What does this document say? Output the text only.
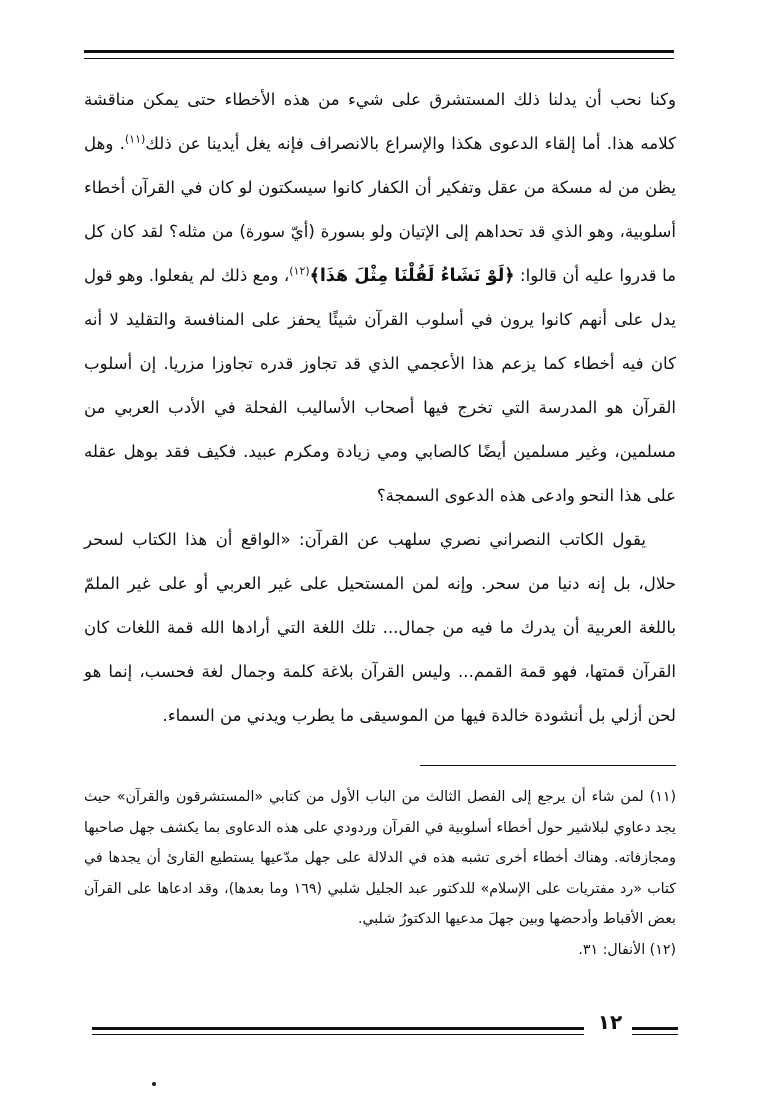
وكنا نحب أن يدلنا ذلك المستشرق على شيء من هذه الأخطاء حتى يمكن مناقشة كلامه هذا. أما إلقاء الدعوى هكذا والإسراع بالانصراف فإنه يغل أيدينا عن ذلك$^{(١١)}$. وهل يظن من له مسكة من عقل وتفكير أن الكفار كانوا سيسكتون لو كان في القرآن أخطاء أسلوبية، وهو الذي قد تحداهم إلى الإتيان ولو بسورة (أيّ سورة) من مثله؟ لقد كان كل ما قدروا عليه أن قالوا: ﴿لَوْ نَشَاءُ لَقُلْنَا مِثْلَ هَذَا﴾$^{(١٢)}$، ومع ذلك لم يفعلوا. وهو قول يدل على أنهم كانوا يرون في أسلوب القرآن شيئًا يحفز على المنافسة والتقليد لا أنه كان فيه أخطاء كما يزعم هذا الأعجمي الذي قد تجاوز قدره تجاوزا مزريا. إن أسلوب القرآن هو المدرسة التي تخرج فيها أصحاب الأساليب الفحلة في الأدب العربي من مسلمين، وغير مسلمين أيضًا كالصابي ومي زيادة ومكرم عبيد. فكيف فقد بوهل عقله على هذا النحو وادعى هذه الدعوى السمجة؟

يقول الكاتب النصراني نصري سلهب عن القرآن: «الواقع أن هذا الكتاب لسحر حلال، بل إنه دنيا من سحر. وإنه لمن المستحيل على غير العربي أو على غير الملمّ باللغة العربية أن يدرك ما فيه من جمال... تلك اللغة التي أرادها الله قمة اللغات كان القرآن قمتها، فهو قمة القمم... وليس القرآن بلاغة كلمة وجمال لغة فحسب، إنما هو لحن أزلي بل أنشودة خالدة فيها من الموسيقى ما يطرب ويدني من السماء.

(١١) لمن شاء أن يرجع إلى الفصل الثالث من الباب الأول من كتابي «المستشرقون والقرآن» حيث يجد دعاوي لبلاشير حول أخطاء أسلوبية في القرآن وردودي على هذه الدعاوى بما يكشف جهل صاحبها ومجازفاته. وهناك أخطاء أخرى تشبه هذه في الدلالة على جهل مدّعيها يستطيع القارئ أن يجدها في كتاب «رد مفتريات على الإسلام» للدكتور عبد الجليل شلبي (١٦٩ وما بعدها)، وقد ادعاها على القرآن بعض الأقباط وأدحضها وبين جهلَ مدعيها الدكتورُ شلبي.

(١٢) الأنفال: ٣١.

١٢
